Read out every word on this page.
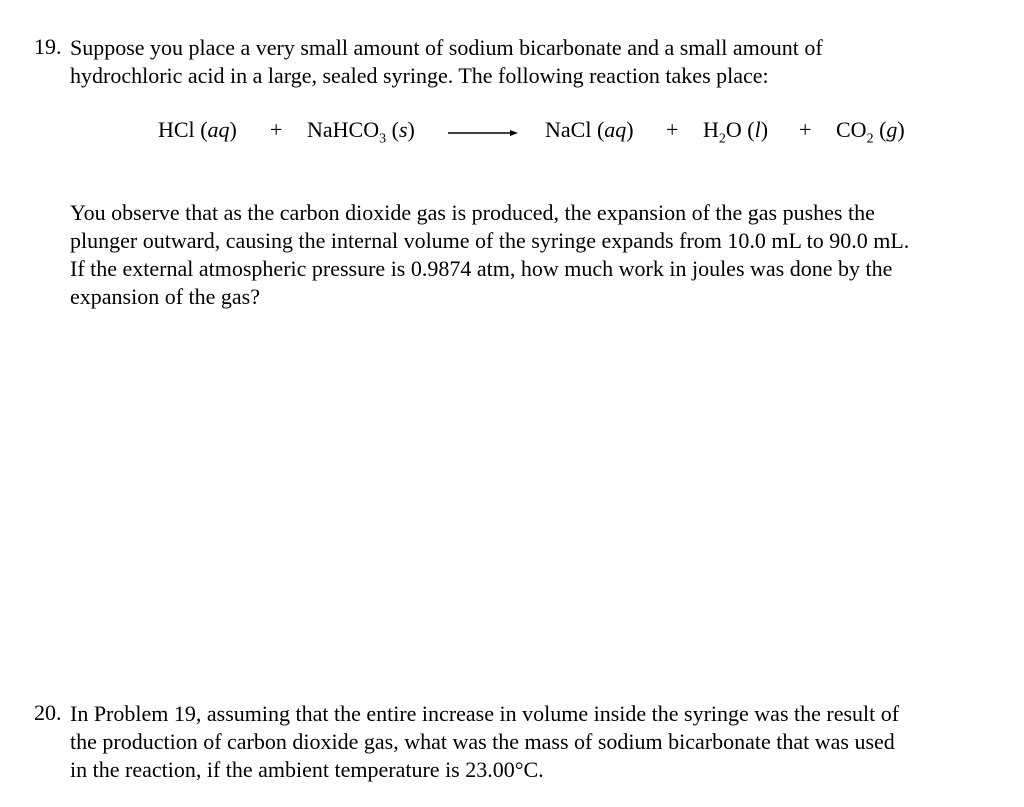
19. Suppose you place a very small amount of sodium bicarbonate and a small amount of
hydrochloric acid in a large, sealed syringe. The following reaction takes place:
HCl (aq) + NaHCO$_3$ (s) → NaCl $(aq) + H_2O$ $(l) + CO_2$ (g)
You observe that as the carbon dioxide gas is produced, the expansion of the gas pushes the
plunger outward, causing the internal volume of the syringe expands from 10.0 mL to 90.0 mL.
If the external atmospheric pressure is 0.9874 atm, how much work in joules was done by the
expansion of the gas?
20. In Problem 19, assuming that the entire increase in volume inside the syringe was the result of
the production of carbon dioxide gas, what was the mass of sodium bicarbonate that was used
in the reaction, if the ambient temperature is 23.00°C.
